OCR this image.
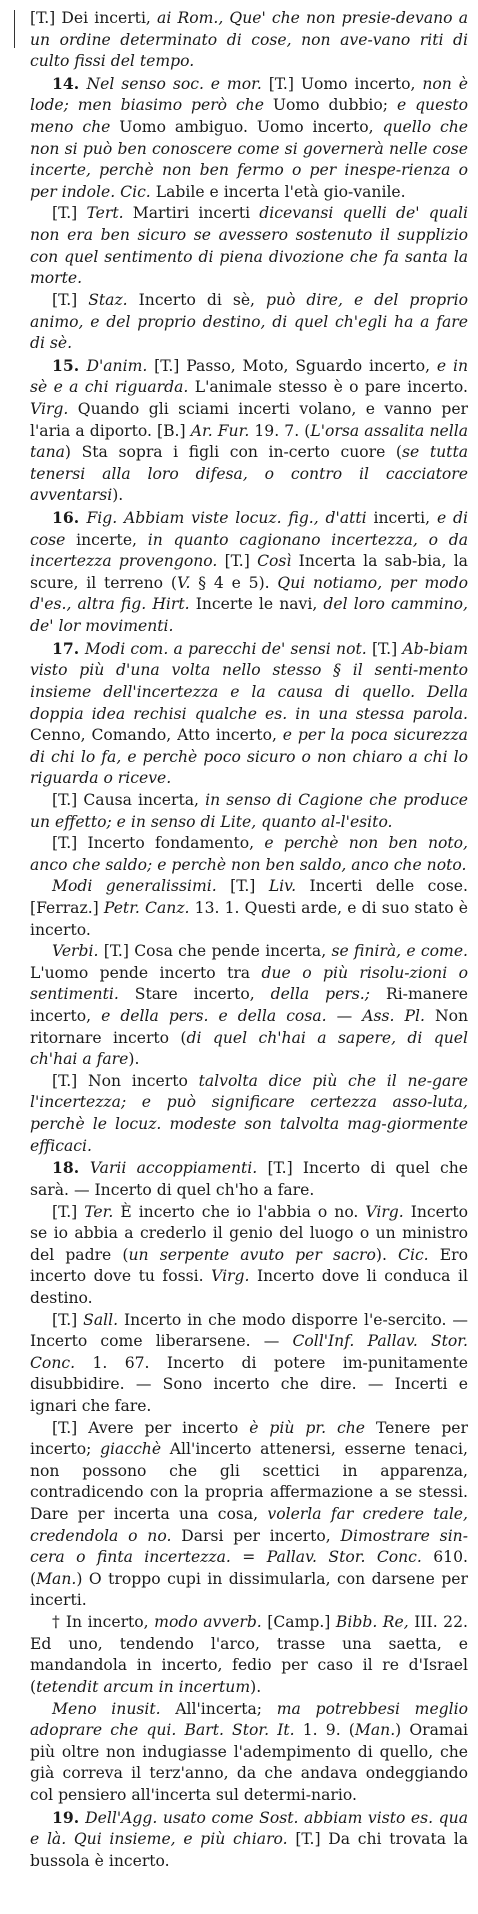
[T.] Dei incerti, ai Rom., Que' che non presie-devano a un ordine determinato di cose, non ave-vano riti di culto fissi del tempo.

14. Nel senso soc. e mor. [T.] Uomo incerto, non è lode; men biasimo però che Uomo dubbio; e questo meno che Uomo ambiguo. Uomo incerto, quello che non si può ben conoscere come si governerà nelle cose incerte, perchè non ben fermo o per inespe-rienza o per indole. Cic. Labile e incerta l'età gio-vanile.

[T.] Tert. Martiri incerti dicevansi quelli de' quali non era ben sicuro se avessero sostenuto il supplizio con quel sentimento di piena divozione che fa santa la morte.

[T.] Staz. Incerto di sè, può dire, e del proprio animo, e del proprio destino, di quel ch'egli ha a fare di sè.

15. D'anim. [T.] Passo, Moto, Sguardo incerto, e in sè e a chi riguarda. L'animale stesso è o pare incerto. Virg. Quando gli sciami incerti volano, e vanno per l'aria a diporto. [B.] Ar. Fur. 19. 7. (L'orsa assalita nella tana) Sta sopra i figli con in-certo cuore (se tutta tenersi alla loro difesa, o contro il cacciatore avventarsi).

16. Fig. Abbiam viste locuz. fig., d'atti incerti, e di cose incerte, in quanto cagionano incertezza, o da incertezza provengono. [T.] Così Incerta la sab-bia, la scure, il terreno (V. § 4 e 5). Qui notiamo, per modo d'es., altra fig. Hirt. Incerte le navi, del loro cammino, de' lor movimenti.

17. Modi com. a parecchi de' sensi not. [T.] Ab-biam visto più d'una volta nello stesso § il senti-mento insieme dell'incertezza e la causa di quello. Della doppia idea rechisi qualche es. in una stessa parola. Cenno, Comando, Atto incerto, e per la poca sicurezza di chi lo fa, e perchè poco sicuro o non chiaro a chi lo riguarda o riceve.

[T.] Causa incerta, in senso di Cagione che produce un effetto; e in senso di Lite, quanto al-l'esito.

[T.] Incerto fondamento, e perchè non ben noto, anco che saldo; e perchè non ben saldo, anco che noto.

Modi generalissimi. [T.] Liv. Incerti delle cose. [Ferraz.] Petr. Canz. 13. 1. Questi arde, e di suo stato è incerto.

Verbi. [T.] Cosa che pende incerta, se finirà, e come. L'uomo pende incerto tra due o più risolu-zioni o sentimenti. Stare incerto, della pers.; Ri-manere incerto, e della pers. e della cosa. — Ass. Pl. Non ritornare incerto (di quel ch'hai a sapere, di quel ch'hai a fare).

[T.] Non incerto talvolta dice più che il ne-gare l'incertezza; e può significare certezza asso-luta, perchè le locuz. modeste son talvolta mag-giormente efficaci.

18. Varii accoppiamenti. [T.] Incerto di quel che sarà. — Incerto di quel ch'ho a fare.

[T.] Ter. È incerto che io l'abbia o no. Virg. Incerto se io abbia a crederlo il genio del luogo o un ministro del padre (un serpente avuto per sacro). Cic. Ero incerto dove tu fossi. Virg. Incerto dove li conduca il destino.

[T.] Sall. Incerto in che modo disporre l'e-sercito. — Incerto come liberarsene. — Coll'Inf. Pallav. Stor. Conc. 1. 67. Incerto di potere im-punitamente disubbidire. — Sono incerto che dire. — Incerti e ignari che fare.

[T.] Avere per incerto è più pr. che Tenere per incerto; giacchè All'incerto attenersi, esserne tenaci, non possono che gli scettici in apparenza, contradicendo con la propria affermazione a se stessi. Dare per incerta una cosa, volerla far credere tale, credendola o no. Darsi per incerto, Dimostrare sin-cera o finta incertezza. = Pallav. Stor. Conc. 610. (Man.) O troppo cupi in dissimularla, con darsene per incerti.

† In incerto, modo avverb. [Camp.] Bibb. Re, III. 22. Ed uno, tendendo l'arco, trasse una saetta, e mandandola in incerto, fedio per caso il re d'Israel (tetendit arcum in incertum).

Meno inusit. All'incerta; ma potrebbesi meglio adoprare che qui. Bart. Stor. It. 1. 9. (Man.) Oramai più oltre non indugiasse l'adempimento di quello, che già correva il terz'anno, da che andava ondeggiando col pensiero all'incerta sul determi-nario.

19. Dell'Agg. usato come Sost. abbiam visto es. qua e là. Qui insieme, e più chiaro. [T.] Da chi trovata la bussola è incerto.
